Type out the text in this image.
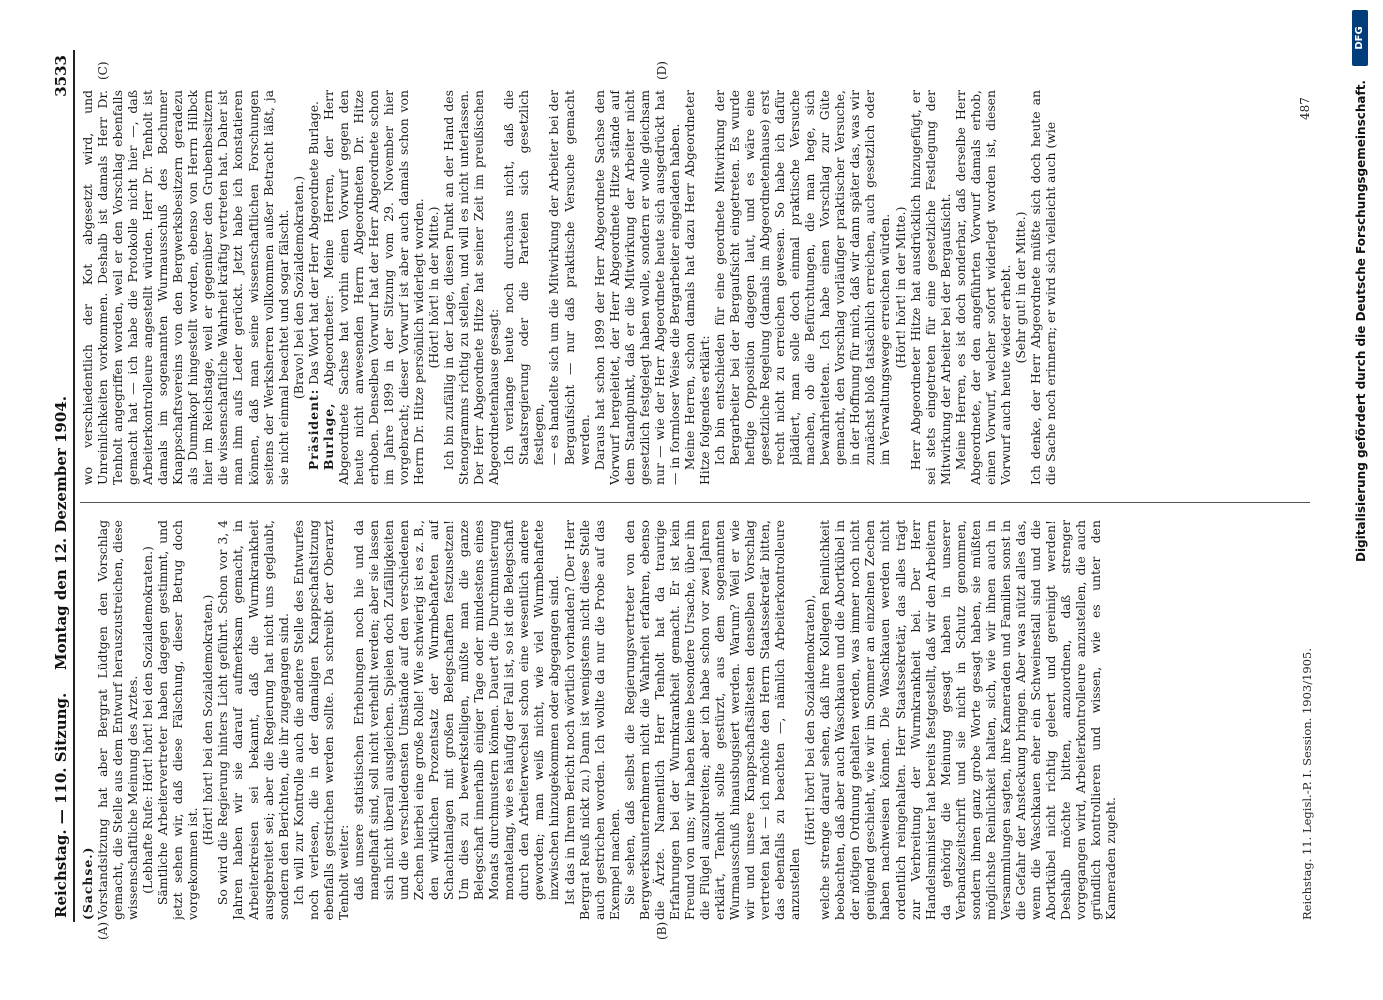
Reichstag. — 110. Sitzung.
Montag den 12. Dezember 1904.
3533
(A)	(B)
(C)	(D)

(Sachse.) Vorstandsitzung hat aber Bergrat Lüdtgen den Vorschlag gemacht, die Stelle aus dem Entwurf herauszustreichen, diese wissenschaftliche Meinung des Arztes. (Lebhafte Rufe: Hört! hört! bei den Sozialdemokraten.) Sämtliche Arbeitervertreter haben dagegen gestimmt, und jetzt sehen wir, daß diese Fälschung, dieser Betrug doch vorgekommen ist.

(Hört! hört! bei den Sozialdemokraten.) So wird die Regierung hinters Licht geführt. Schon vor 3, 4 Jahren haben wir sie darauf aufmerksam gemacht, in Arbeiterkreisen sei bekannt, daß die Wurmkrankheit ausgebreitet sei; aber die Regierung hat nicht uns geglaubt, sondern den Berichten, die ihr zugegangen sind. Ich will zur Kontrolle auch die andere Stelle des Entwurfes noch verlesen, die in der damaligen Knappschaftsitzung ebenfalls gestrichen werden sollte. Da schreibt der Oberarzt Tenholt weiter: daß unsere statistischen Erhebungen noch hie und da mangelhaft sind, soll nicht verhehlt werden; aber sie lassen sich nicht überall ausgleichen. Spielen doch Zufälligkeiten und die verschiedensten Umstände auf den verschiedenen Zechen hierbei eine große Rolle! Wie schwierig ist es z. B., den wirklichen Prozentsatz der Wurmbehafteten auf Schachtanlagen mit großen Belegschaften festzusetzen! Um dies zu bewerkstelligen, müßte man die ganze Belegschaft innerhalb einiger Tage oder mindestens eines Monats durchmustern können. Dauert die Durchmusterung monatelang, wie es häufig der Fall ist, so ist die Belegschaft durch den Arbeiterwechsel schon eine wesentlich andere geworden; man weiß nicht, wie viel Wurmbehaftete inzwischen hinzugekommen oder abgegangen sind. Ist das in Ihrem Bericht noch wörtlich vorhanden? (Der Herr Bergrat Reuß nickt zu.) Dann ist wenigstens nicht diese Stelle auch gestrichen worden. Ich wollte da nur die Probe auf das Exempel machen. Sie sehen, daß selbst die Regierungsvertreter von den Bergwerksunternehmern nicht die Wahrheit erfahren, ebenso die Ärzte. Namentlich Herr Tenholt hat da traurige Erfahrungen bei der Wurmkrankheit gemacht. Er ist kein Freund von uns; wir haben keine besondere Ursache, über ihn die Flügel auszubreiten; aber ich habe schon vor zwei Jahren erklärt, Tenholt sollte gestürzt, aus dem sogenannten Wurmausschuß hinausbugsiert werden. Warum? Weil er wie wir und unsere Knappschaftsältesten denselben Vorschlag vertreten hat — ich möchte den Herrn Staatssekretär bitten, das ebenfalls zu beachten —, nämlich Arbeiterkontrolleure anzustellen

(Hört! hört! bei den Sozialdemokraten), welche strenge darauf sehen, daß ihre Kollegen Reinlichkeit beobachten, daß aber auch Waschkauen und die Abortkübel in der nötigen Ordnung gehalten werden, was immer noch nicht genügend geschieht, wie wir im Sommer an einzelnen Zechen haben nachweisen können. Die Waschkauen werden nicht ordentlich reingehalten. Herr Staatssekretär, das alles trägt zur Verbreitung der Wurmkrankheit bei. Der Herr Handelsminister hat bereits festgestellt, daß wir den Arbeitern da gehörig die Meinung gesagt haben in unserer Verbandszeitschrift und sie nicht in Schutz genommen, sondern ihnen ganz grobe Worte gesagt haben, sie müßten möglichste Reinlichkeit halten, sich, wie wir ihnen auch in Versammlungen sagten, ihre Kameraden und Familien sonst in die Gefahr der Ansteckung bringen. Aber was nützt alles das, wenn die Waschkauen eher ein Schweinestall sind und die Abortkübel nicht richtig geleert und gereinigt werden! Deshalb möchte bitten, anzuordnen, daß strenger vorgegangen wird, Arbeiterkontrolleure anzustellen, die auch gründlich kontrollieren und wissen, wie es unter den Kameraden zugeht.

wo verschiedentlich der Kot abgesetzt wird, und Unreinlichkeiten vorkommen. Deshalb ist damals Herr Dr. Tenholt angegriffen worden, weil er den Vorschlag ebenfalls gemacht hat — ich habe die Protokolle nicht hier —, daß Arbeiterkontrolleure angestellt würden. Herr Dr. Tenholt ist damals im sogenannten Wurmausschuß des Bochumer Knappschaftsvereins von den Bergwerksbesitzern geradezu als Dummkopf hingestellt worden, ebenso von Herrn Hilbck hier im Reichstage, weil er gegenüber den Grubenbesitzern die wissenschaftliche Wahrheit kräftig vertreten hat. Daher ist man ihm aufs Leder gerückt. Jetzt habe ich konstatieren können, daß man seine wissenschaftlichen Forschungen seitens der Werksherren vollkommen außer Betracht läßt, ja sie nicht einmal beachtet und sogar fälscht. (Bravo! bei den Sozialdemokraten.)

Präsident: Das Wort hat der Herr Abgeordnete Burlage.

Burlage, Abgeordneter: Meine Herren, der Herr Abgeordnete Sachse hat vorhin einen Vorwurf gegen den heute nicht anwesenden Herrn Abgeordneten Dr. Hitze erhoben. Denselben Vorwurf hat der Herr Abgeordnete schon im Jahre 1899 in der Sitzung vom 29. November hier vorgebracht; dieser Vorwurf ist aber auch damals schon von Herrn Dr. Hitze persönlich widerlegt worden. (Hört! hört! in der Mitte.) Ich bin zufällig in der Lage, diesen Punkt an der Hand des Stenogramms richtig zu stellen, und will es nicht unterlassen. Der Herr Abgeordnete Hitze hat seiner Zeit im preußischen Abgeordnetenhause gesagt: Ich verlange heute noch durchaus nicht, daß die Staatsregierung oder die Parteien sich gesetzlich festlegen, — es handelte sich um die Mitwirkung der Arbeiter bei der Bergaufsicht — nur daß praktische Versuche gemacht werden. Daraus hat schon 1899 der Herr Abgeordnete Sachse den Vorwurf hergeleitet, der Herr Abgeordnete Hitze stände auf dem Standpunkt, daß er die Mitwirkung der Arbeiter nicht gesetzlich festgelegt haben wolle, sondern er wolle gleichsam nur — wie der Herr Abgeordnete heute sich ausgedrückt hat — in formloser Weise die Bergarbeiter eingeladen haben. Meine Herren, schon damals hat dazu Herr Abgeordneter Hitze folgendes erklärt: Ich bin entschieden für eine geordnete Mitwirkung der Bergarbeiter bei der Bergaufsicht eingetreten. Es wurde heftige Opposition dagegen laut, und es wäre eine gesetzliche Regelung (damals im Abgeordnetenhause) erst recht nicht zu erreichen gewesen. So habe ich dafür plädiert, man solle doch einmal praktische Versuche machen, ob die Befürchtungen, die man hege, sich bewahrheiteten. Ich habe einen Vorschlag zur Güte gemacht, den Vorschlag vorläufiger praktischer Versuche, in der Hoffnung für mich, daß wir dann später das, was wir zunächst bloß tatsächlich erreichen, auch gesetzlich oder im Verwaltungswege erreichen würden. (Hört! hört! in der Mitte.) Herr Abgeordneter Hitze hat ausdrücklich hinzugefügt, er sei stets eingetreten für eine gesetzliche Festlegung der Mitwirkung der Arbeiter bei der Bergaufsicht. Meine Herren, es ist doch sonderbar, daß derselbe Herr Abgeordnete, der den angeführten Vorwurf damals erhob, einen Vorwurf, welcher sofort widerlegt worden ist, diesen Vorwurf auch heute wieder erhebt. (Sehr gut! in der Mitte.) Ich denke, der Herr Abgeordnete müßte sich doch heute an die Sache noch erinnern; er wird sich vielleicht auch (wie

Reichstag. 11. Legisl.-P. I. Session. 1903/1905.
487
DFG
Digitalisierung gefördert durch die Deutsche Forschungsgemeinschaft.
